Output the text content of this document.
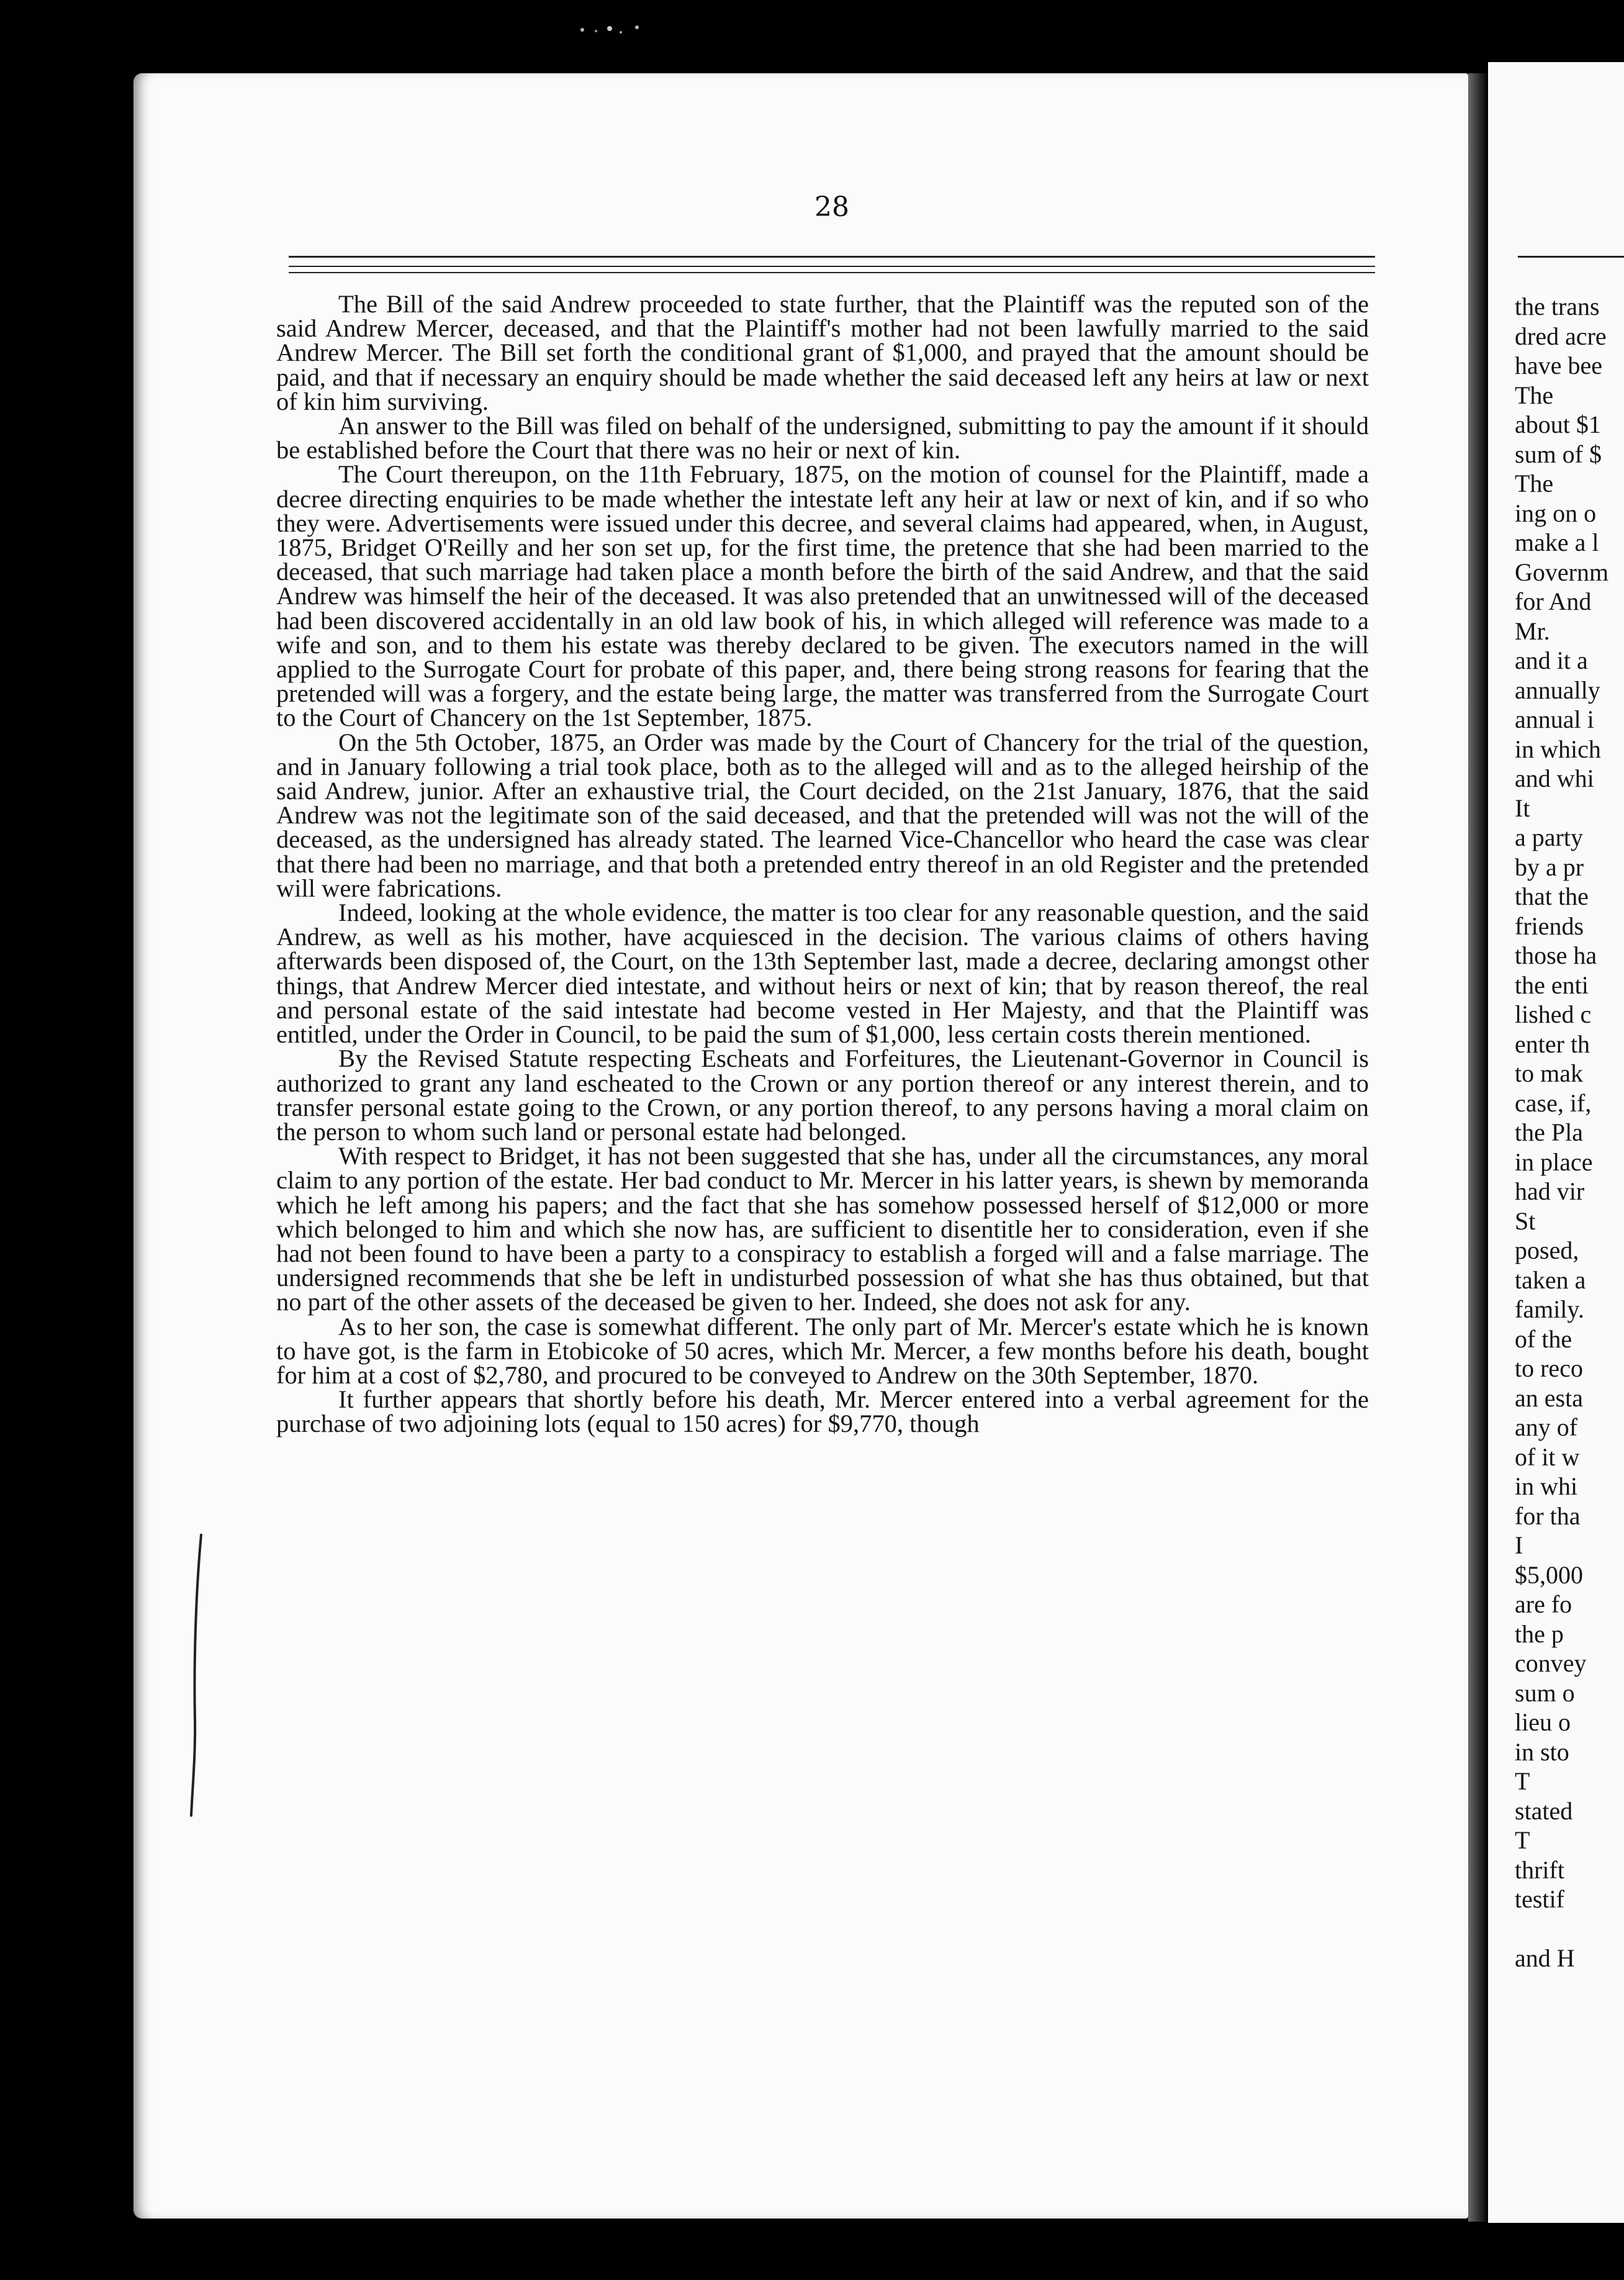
28

The Bill of the said Andrew proceeded to state further, that the Plaintiff was the reputed son of the said Andrew Mercer, deceased, and that the Plaintiff's mother had not been lawfully married to the said Andrew Mercer. The Bill set forth the conditional grant of $1,000, and prayed that the amount should be paid, and that if necessary an enquiry should be made whether the said deceased left any heirs at law or next of kin him surviving.

An answer to the Bill was filed on behalf of the undersigned, submitting to pay the amount if it should be established before the Court that there was no heir or next of kin.

The Court thereupon, on the 11th February, 1875, on the motion of counsel for the Plaintiff, made a decree directing enquiries to be made whether the intestate left any heir at law or next of kin, and if so who they were. Advertisements were issued under this decree, and several claims had appeared, when, in August, 1875, Bridget O'Reilly and her son set up, for the first time, the pretence that she had been married to the deceased, that such marriage had taken place a month before the birth of the said Andrew, and that the said Andrew was himself the heir of the deceased. It was also pretended that an unwitnessed will of the deceased had been discovered accidentally in an old law book of his, in which alleged will reference was made to a wife and son, and to them his estate was thereby declared to be given. The executors named in the will applied to the Surrogate Court for probate of this paper, and, there being strong reasons for fearing that the pretended will was a forgery, and the estate being large, the matter was transferred from the Surrogate Court to the Court of Chancery on the 1st September, 1875.

On the 5th October, 1875, an Order was made by the Court of Chancery for the trial of the question, and in January following a trial took place, both as to the alleged will and as to the alleged heirship of the said Andrew, junior. After an exhaustive trial, the Court decided, on the 21st January, 1876, that the said Andrew was not the legitimate son of the said deceased, and that the pretended will was not the will of the deceased, as the undersigned has already stated. The learned Vice-Chancellor who heard the case was clear that there had been no marriage, and that both a pretended entry thereof in an old Register and the pretended will were fabrications.

Indeed, looking at the whole evidence, the matter is too clear for any reasonable question, and the said Andrew, as well as his mother, have acquiesced in the decision. The various claims of others having afterwards been disposed of, the Court, on the 13th September last, made a decree, declaring amongst other things, that Andrew Mercer died intestate, and without heirs or next of kin; that by reason thereof, the real and personal estate of the said intestate had become vested in Her Majesty, and that the Plaintiff was entitled, under the Order in Council, to be paid the sum of $1,000, less certain costs therein mentioned.

By the Revised Statute respecting Escheats and Forfeitures, the Lieutenant-Governor in Council is authorized to grant any land escheated to the Crown or any portion thereof or any interest therein, and to transfer personal estate going to the Crown, or any portion thereof, to any persons having a moral claim on the person to whom such land or personal estate had belonged.

With respect to Bridget, it has not been suggested that she has, under all the circumstances, any moral claim to any portion of the estate. Her bad conduct to Mr. Mercer in his latter years, is shewn by memoranda which he left among his papers; and the fact that she has somehow possessed herself of $12,000 or more which belonged to him and which she now has, are sufficient to disentitle her to consideration, even if she had not been found to have been a party to a conspiracy to establish a forged will and a false marriage. The undersigned recommends that she be left in undisturbed possession of what she has thus obtained, but that no part of the other assets of the deceased be given to her. Indeed, she does not ask for any.

As to her son, the case is somewhat different. The only part of Mr. Mercer's estate which he is known to have got, is the farm in Etobicoke of 50 acres, which Mr. Mercer, a few months before his death, bought for him at a cost of $2,780, and procured to be conveyed to Andrew on the 30th September, 1870.

It further appears that shortly before his death, Mr. Mercer entered into a verbal agreement for the purchase of two adjoining lots (equal to 150 acres) for $9,770, though

the trans
dred acre
have bee
The
about $1
sum of $
The
ing on o
make a l
Governm
for And
Mr.
and it a
annually
annual i
in which
and whi
It
a party
by a pr
that the
friends
those ha
the enti
lished c
enter th
to mak
case, if,
the Pla
in place
had vir
St
posed,
taken a
family.
of the
to reco
an esta
any of
of it w
in whi
for tha
I
$5,000
are fo
the p
convey
sum o
lieu o
in sto
T
stated
T
thrift
testif
and H
